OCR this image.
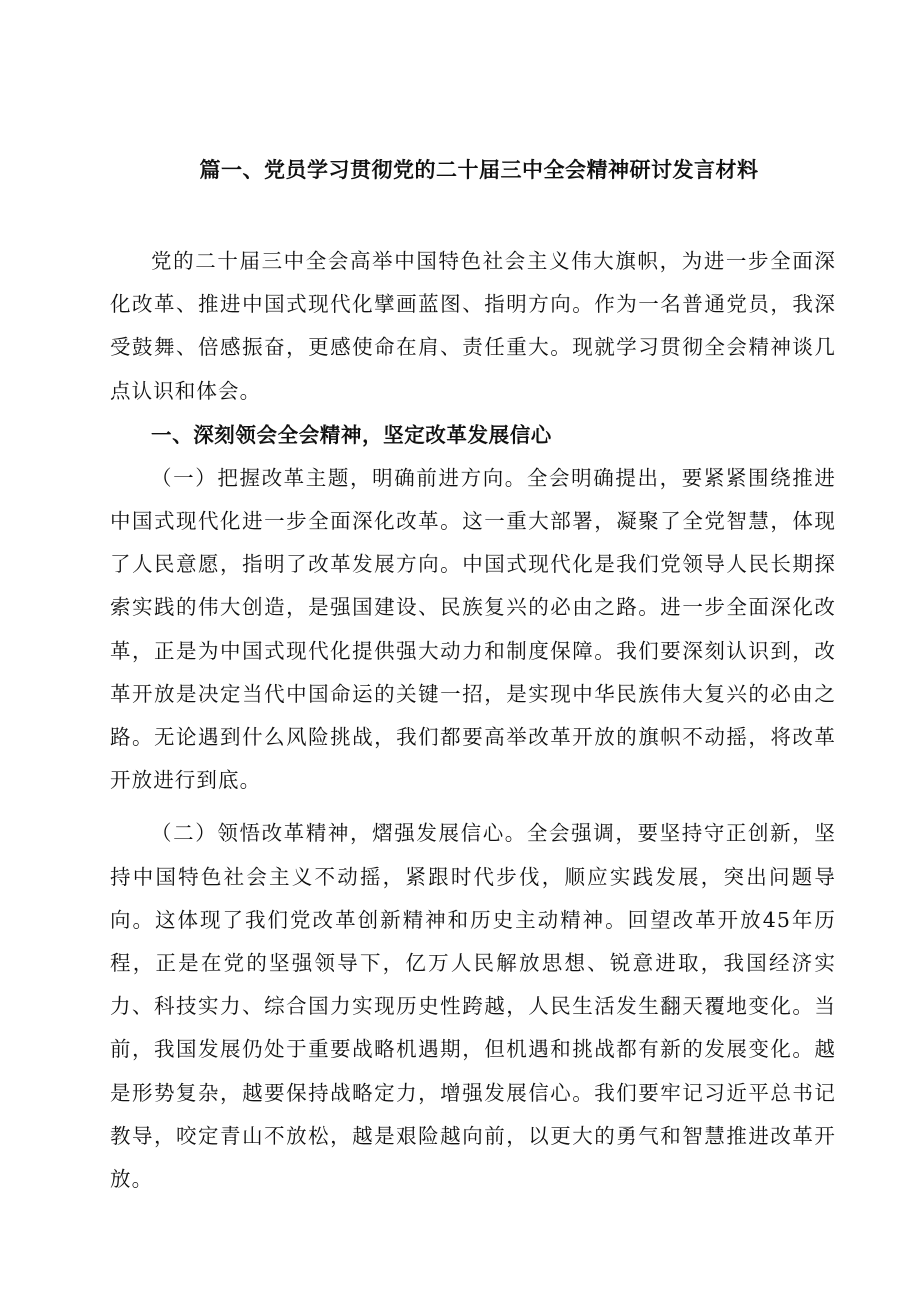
篇一、党员学习贯彻党的二十届三中全会精神研讨发言材料

党的二十届三中全会高举中国特色社会主义伟大旗帜，为进一步全面深化改革、推进中国式现代化擘画蓝图、指明方向。作为一名普通党员，我深受鼓舞、倍感振奋，更感使命在肩、责任重大。现就学习贯彻全会精神谈几点认识和体会。

一、深刻领会全会精神，坚定改革发展信心

（一）把握改革主题，明确前进方向。全会明确提出，要紧紧围绕推进中国式现代化进一步全面深化改革。这一重大部署，凝聚了全党智慧，体现了人民意愿，指明了改革发展方向。中国式现代化是我们党领导人民长期探索实践的伟大创造，是强国建设、民族复兴的必由之路。进一步全面深化改革，正是为中国式现代化提供强大动力和制度保障。我们要深刻认识到，改革开放是决定当代中国命运的关键一招，是实现中华民族伟大复兴的必由之路。无论遇到什么风险挑战，我们都要高举改革开放的旗帜不动摇，将改革开放进行到底。

（二）领悟改革精神，熠强发展信心。全会强调，要坚持守正创新，坚持中国特色社会主义不动摇，紧跟时代步伐，顺应实践发展，突出问题导向。这体现了我们党改革创新精神和历史主动精神。回望改革开放45年历程，正是在党的坚强领导下，亿万人民解放思想、锐意进取，我国经济实力、科技实力、综合国力实现历史性跨越，人民生活发生翻天覆地变化。当前，我国发展仍处于重要战略机遇期，但机遇和挑战都有新的发展变化。越是形势复杂，越要保持战略定力，增强发展信心。我们要牢记习近平总书记教导，咬定青山不放松，越是艰险越向前，以更大的勇气和智慧推进改革开放。
